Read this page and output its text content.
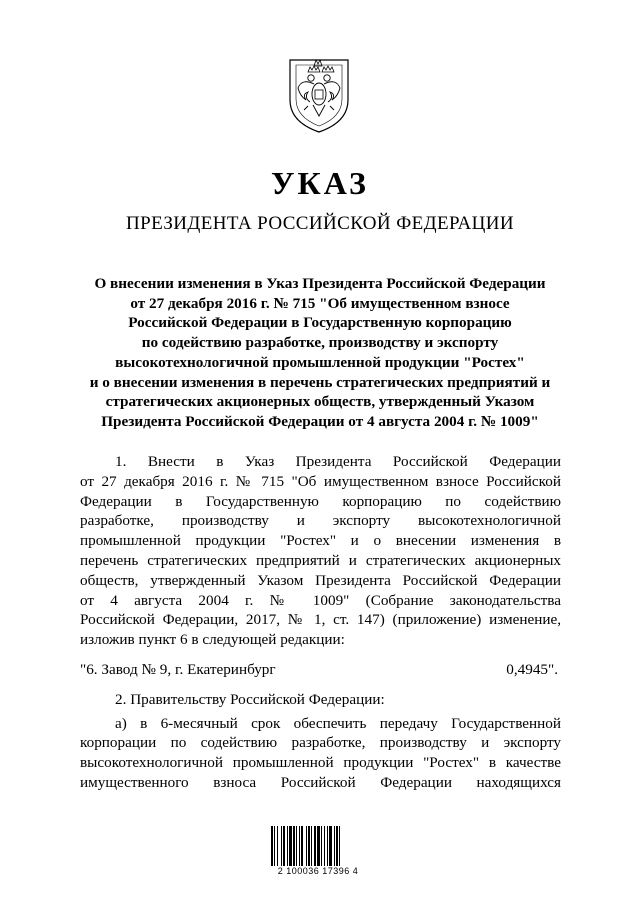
УКАЗ
ПРЕЗИДЕНТА РОССИЙСКОЙ ФЕДЕРАЦИИ
О внесении изменения в Указ Президента Российской Федерации
от 27 декабря 2016 г. № 715 "Об имущественном взносе
Российской Федерации в Государственную корпорацию
по содействию разработке, производству и экспорту
высокотехнологичной промышленной продукции "Ростех"
и о внесении изменения в перечень стратегических предприятий и
стратегических акционерных обществ, утвержденный Указом
Президента Российской Федерации от 4 августа 2004 г. № 1009"
1. Внести в Указ Президента Российской Федерации
от 27 декабря 2016 г. № 715 "Об имущественном взносе Российской
Федерации в Государственную корпорацию по содействию
разработке, производству и экспорту высокотехнологичной
промышленной продукции "Ростех" и о внесении изменения в
перечень стратегических предприятий и стратегических акционерных
обществ, утвержденный Указом Президента Российской Федерации
от 4 августа 2004 г. № 1009" (Собрание законодательства
Российской Федерации, 2017, № 1, ст. 147) (приложение) изменение,
изложив пункт 6 в следующей редакции:
"6. Завод № 9, г. Екатеринбург	0,4945".
2. Правительству Российской Федерации:
а) в 6-месячный срок обеспечить передачу Государственной
корпорации по содействию разработке, производству и экспорту
высокотехнологичной промышленной продукции "Ростех" в качестве
имущественного взноса Российской Федерации находящихся
2 100036 17396 4
